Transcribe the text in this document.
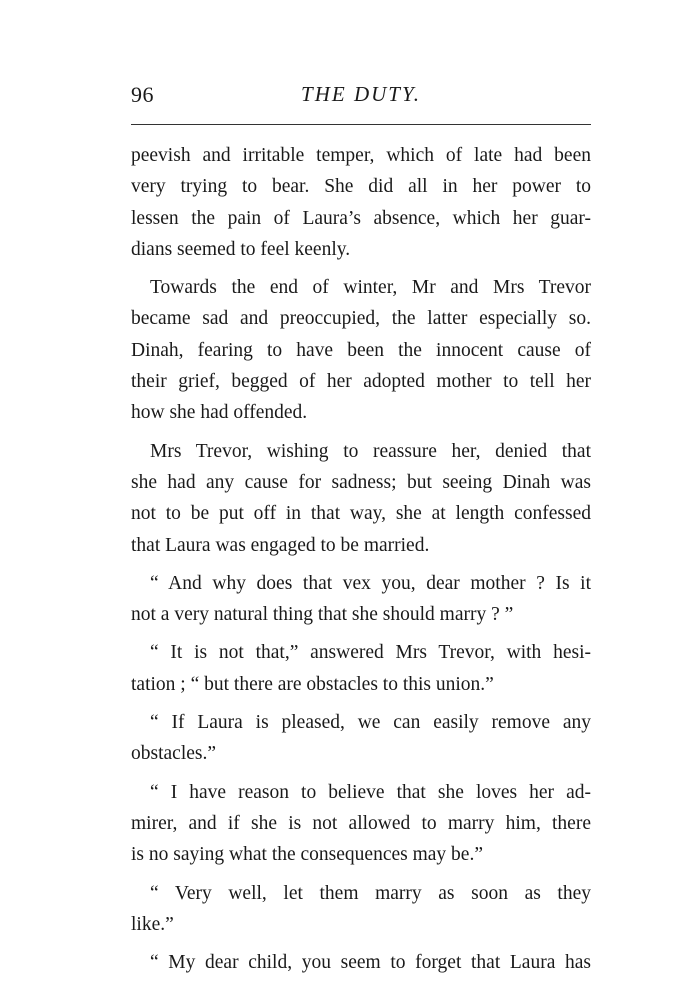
96	THE DUTY.
peevish and irritable temper, which of late had been
very trying to bear. She did all in her power to
lessen the pain of Laura’s absence, which her guar-
dians seemed to feel keenly.
Towards the end of winter, Mr and Mrs Trevor
became sad and preoccupied, the latter especially so.
Dinah, fearing to have been the innocent cause of
their grief, begged of her adopted mother to tell her
how she had offended.
Mrs Trevor, wishing to reassure her, denied that
she had any cause for sadness; but seeing Dinah was
not to be put off in that way, she at length confessed
that Laura was engaged to be married.
“ And why does that vex you, dear mother ? Is it
not a very natural thing that she should marry ? ”
“ It is not that,” answered Mrs Trevor, with hesi-
tation ; “ but there are obstacles to this union.”
“ If Laura is pleased, we can easily remove any
obstacles.”
“ I have reason to believe that she loves her ad-
mirer, and if she is not allowed to marry him, there
is no saying what the consequences may be.”
“ Very well, let them marry as soon as they
like.”
“ My dear child, you seem to forget that Laura has
